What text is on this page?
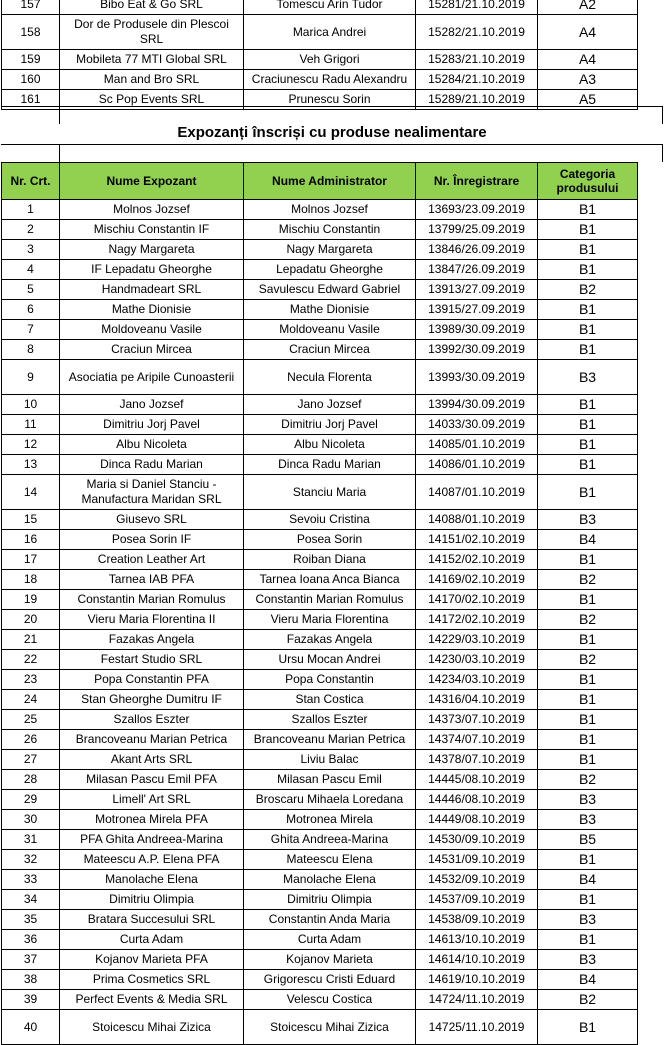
157	Bibo Eat & Go SRL	Tomescu Arin Tudor	15281/21.10.2019	A2
158	Dor de Produsele din Plescoi SRL	Marica Andrei	15282/21.10.2019	A4
159	Mobileta 77 MTI Global SRL	Veh Grigori	15283/21.10.2019	A4
160	Man and Bro SRL	Craciunescu Radu Alexandru	15284/21.10.2019	A3
161	Sc Pop Events SRL	Prunescu Sorin	15289/21.10.2019	A5
Expozanți înscriși cu produse nealimentare
Nr. Crt.	Nume Expozant	Nume Administrator	Nr. Înregistrare	Categoria produsului
1	Molnos Jozsef	Molnos Jozsef	13693/23.09.2019	B1
2	Mischiu Constantin IF	Mischiu Constantin	13799/25.09.2019	B1
3	Nagy Margareta	Nagy Margareta	13846/26.09.2019	B1
4	IF Lepadatu Gheorghe	Lepadatu Gheorghe	13847/26.09.2019	B1
5	Handmadeart SRL	Savulescu Edward Gabriel	13913/27.09.2019	B2
6	Mathe Dionisie	Mathe Dionisie	13915/27.09.2019	B1
7	Moldoveanu Vasile	Moldoveanu Vasile	13989/30.09.2019	B1
8	Craciun Mircea	Craciun Mircea	13992/30.09.2019	B1
9	Asociatia pe Aripile Cunoasterii	Necula Florenta	13993/30.09.2019	B3
10	Jano Jozsef	Jano Jozsef	13994/30.09.2019	B1
11	Dimitriu Jorj Pavel	Dimitriu Jorj Pavel	14033/30.09.2019	B1
12	Albu Nicoleta	Albu Nicoleta	14085/01.10.2019	B1
13	Dinca Radu Marian	Dinca Radu Marian	14086/01.10.2019	B1
14	Maria si Daniel Stanciu - Manufactura Maridan SRL	Stanciu Maria	14087/01.10.2019	B1
15	Giusevo SRL	Sevoiu Cristina	14088/01.10.2019	B3
16	Posea Sorin IF	Posea Sorin	14151/02.10.2019	B4
17	Creation Leather Art	Roiban Diana	14152/02.10.2019	B1
18	Tarnea IAB PFA	Tarnea Ioana Anca Bianca	14169/02.10.2019	B2
19	Constantin Marian Romulus	Constantin Marian Romulus	14170/02.10.2019	B1
20	Vieru Maria Florentina II	Vieru Maria Florentina	14172/02.10.2019	B2
21	Fazakas Angela	Fazakas Angela	14229/03.10.2019	B1
22	Festart Studio SRL	Ursu Mocan Andrei	14230/03.10.2019	B2
23	Popa Constantin PFA	Popa Constantin	14234/03.10.2019	B1
24	Stan Gheorghe Dumitru IF	Stan Costica	14316/04.10.2019	B1
25	Szallos Eszter	Szallos Eszter	14373/07.10.2019	B1
26	Brancoveanu Marian Petrica	Brancoveanu Marian Petrica	14374/07.10.2019	B1
27	Akant Arts SRL	Liviu Balac	14378/07.10.2019	B1
28	Milasan Pascu Emil PFA	Milasan Pascu Emil	14445/08.10.2019	B2
29	Limell' Art SRL	Broscaru Mihaela Loredana	14446/08.10.2019	B3
30	Motronea Mirela PFA	Motronea Mirela	14449/08.10.2019	B3
31	PFA Ghita Andreea-Marina	Ghita Andreea-Marina	14530/09.10.2019	B5
32	Mateescu A.P. Elena PFA	Mateescu Elena	14531/09.10.2019	B1
33	Manolache Elena	Manolache Elena	14532/09.10.2019	B4
34	Dimitriu Olimpia	Dimitriu Olimpia	14537/09.10.2019	B1
35	Bratara Succesului SRL	Constantin Anda Maria	14538/09.10.2019	B3
36	Curta Adam	Curta Adam	14613/10.10.2019	B1
37	Kojanov Marieta PFA	Kojanov Marieta	14614/10.10.2019	B3
38	Prima Cosmetics SRL	Grigorescu Cristi Eduard	14619/10.10.2019	B4
39	Perfect Events & Media SRL	Velescu Costica	14724/11.10.2019	B2
40	Stoicescu Mihai Zizica	Stoicescu Mihai Zizica	14725/11.10.2019	B1
